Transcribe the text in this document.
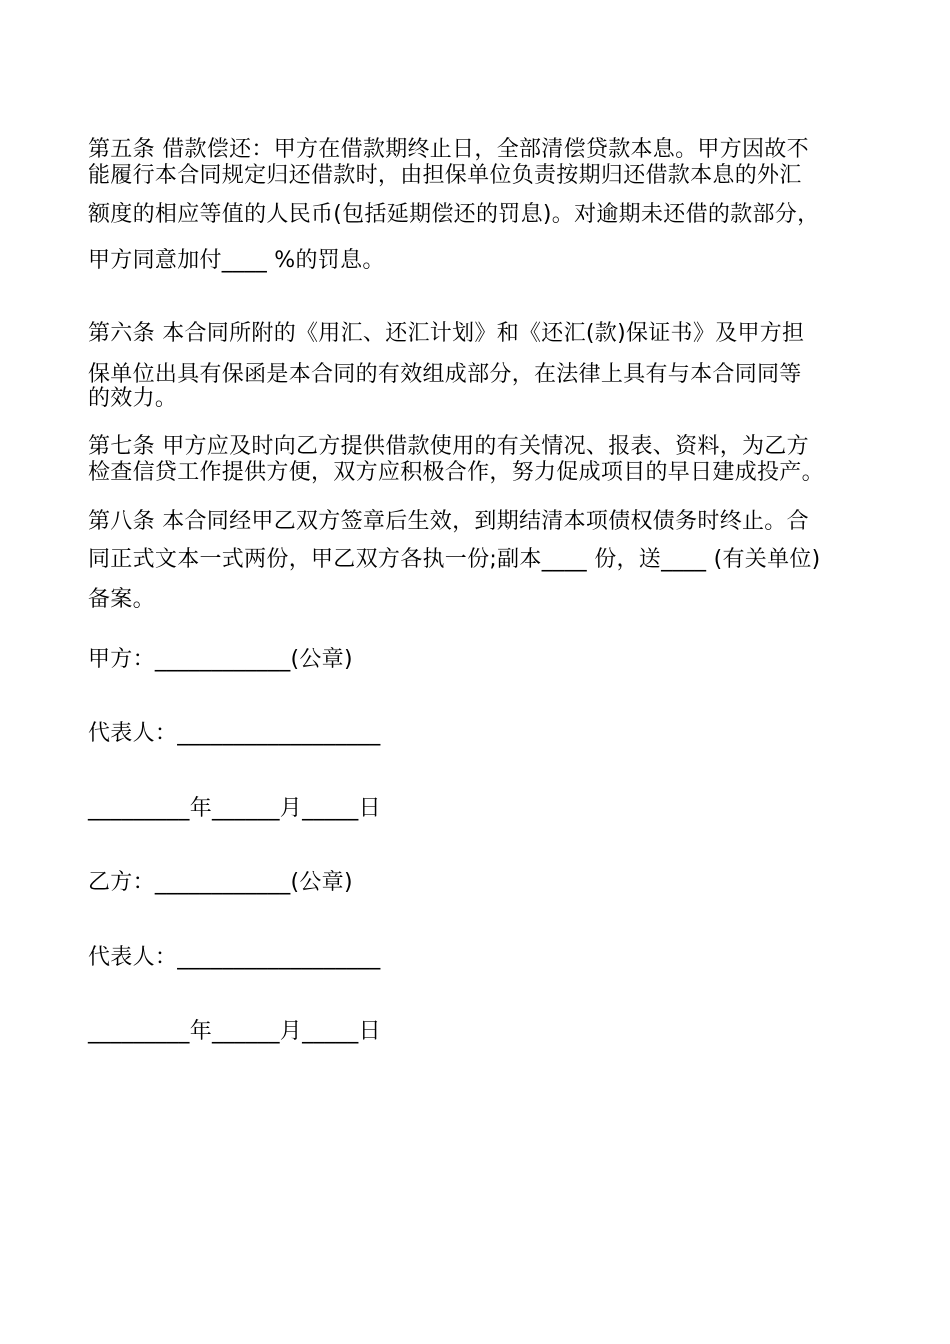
第五条 借款偿还：甲方在借款期终止日，全部清偿贷款本息。甲方因故不
能履行本合同规定归还借款时，由担保单位负责按期归还借款本息的外汇
额度的相应等值的人民币(包括延期偿还的罚息)。对逾期未还借的款部分，
甲方同意加付____ %的罚息。
第六条 本合同所附的《用汇、还汇计划》和《还汇(款)保证书》及甲方担
保单位出具有保函是本合同的有效组成部分，在法律上具有与本合同同等
的效力。
第七条 甲方应及时向乙方提供借款使用的有关情况、报表、资料，为乙方
检查信贷工作提供方便，双方应积极合作，努力促成项目的早日建成投产。
第八条 本合同经甲乙双方签章后生效，到期结清本项债权债务时终止。合
同正式文本一式两份，甲乙双方各执一份;副本____ 份，送____ (有关单位)
备案。
甲方：____________(公章)
代表人：__________________
_________年______月_____日
乙方：____________(公章)
代表人：__________________
_________年______月_____日
